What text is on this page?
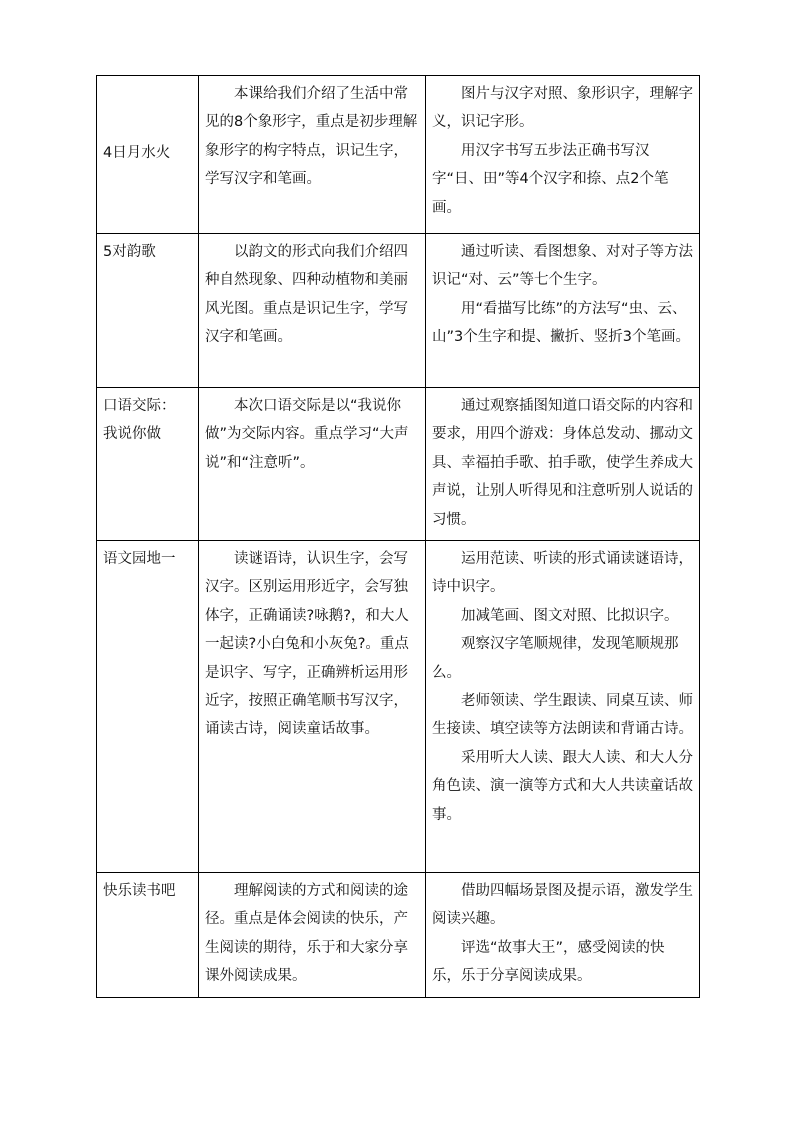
4日月水火	本课给我们介绍了生活中常见的8个象形字，重点是初步理解象形字的构字特点，识记生字，学写汉字和笔画。	图片与汉字对照、象形识字，理解字义，识记字形。

用汉字书写五步法正确书写汉字“日、田”等4个汉字和捺、点2个笔画。

5对韵歌	以韵文的形式向我们介绍四种自然现象、四种动植物和美丽风光图。重点是识记生字，学写汉字和笔画。	通过听读、看图想象、对对子等方法识记“对、云”等七个生字。

用“看描写比练”的方法写“虫、云、山”3个生字和提、撇折、竖折3个笔画。

口语交际：
我说你做	本次口语交际是以“我说你做”为交际内容。重点学习“大声说”和“注意听”。	通过观察插图知道口语交际的内容和要求，用四个游戏：身体总发动、挪动文具、幸福拍手歌、拍手歌，使学生养成大声说，让别人听得见和注意听别人说话的习惯。

语文园地一	读谜语诗，认识生字，会写汉字。区别运用形近字，会写独体字，正确诵读?咏鹅?，和大人一起读?小白兔和小灰兔?。重点是识字、写字，正确辨析运用形近字，按照正确笔顺书写汉字，诵读古诗，阅读童话故事。	运用范读、听读的形式诵读谜语诗，诗中识字。

加减笔画、图文对照、比拟识字。

观察汉字笔顺规律，发现笔顺规那么。

老师领读、学生跟读、同桌互读、师生接读、填空读等方法朗读和背诵古诗。

采用听大人读、跟大人读、和大人分角色读、演一演等方式和大人共读童话故事。

快乐读书吧	理解阅读的方式和阅读的途径。重点是体会阅读的快乐，产生阅读的期待，乐于和大家分享课外阅读成果。	借助四幅场景图及提示语，激发学生阅读兴趣。

评选“故事大王”，感受阅读的快乐，乐于分享阅读成果。
